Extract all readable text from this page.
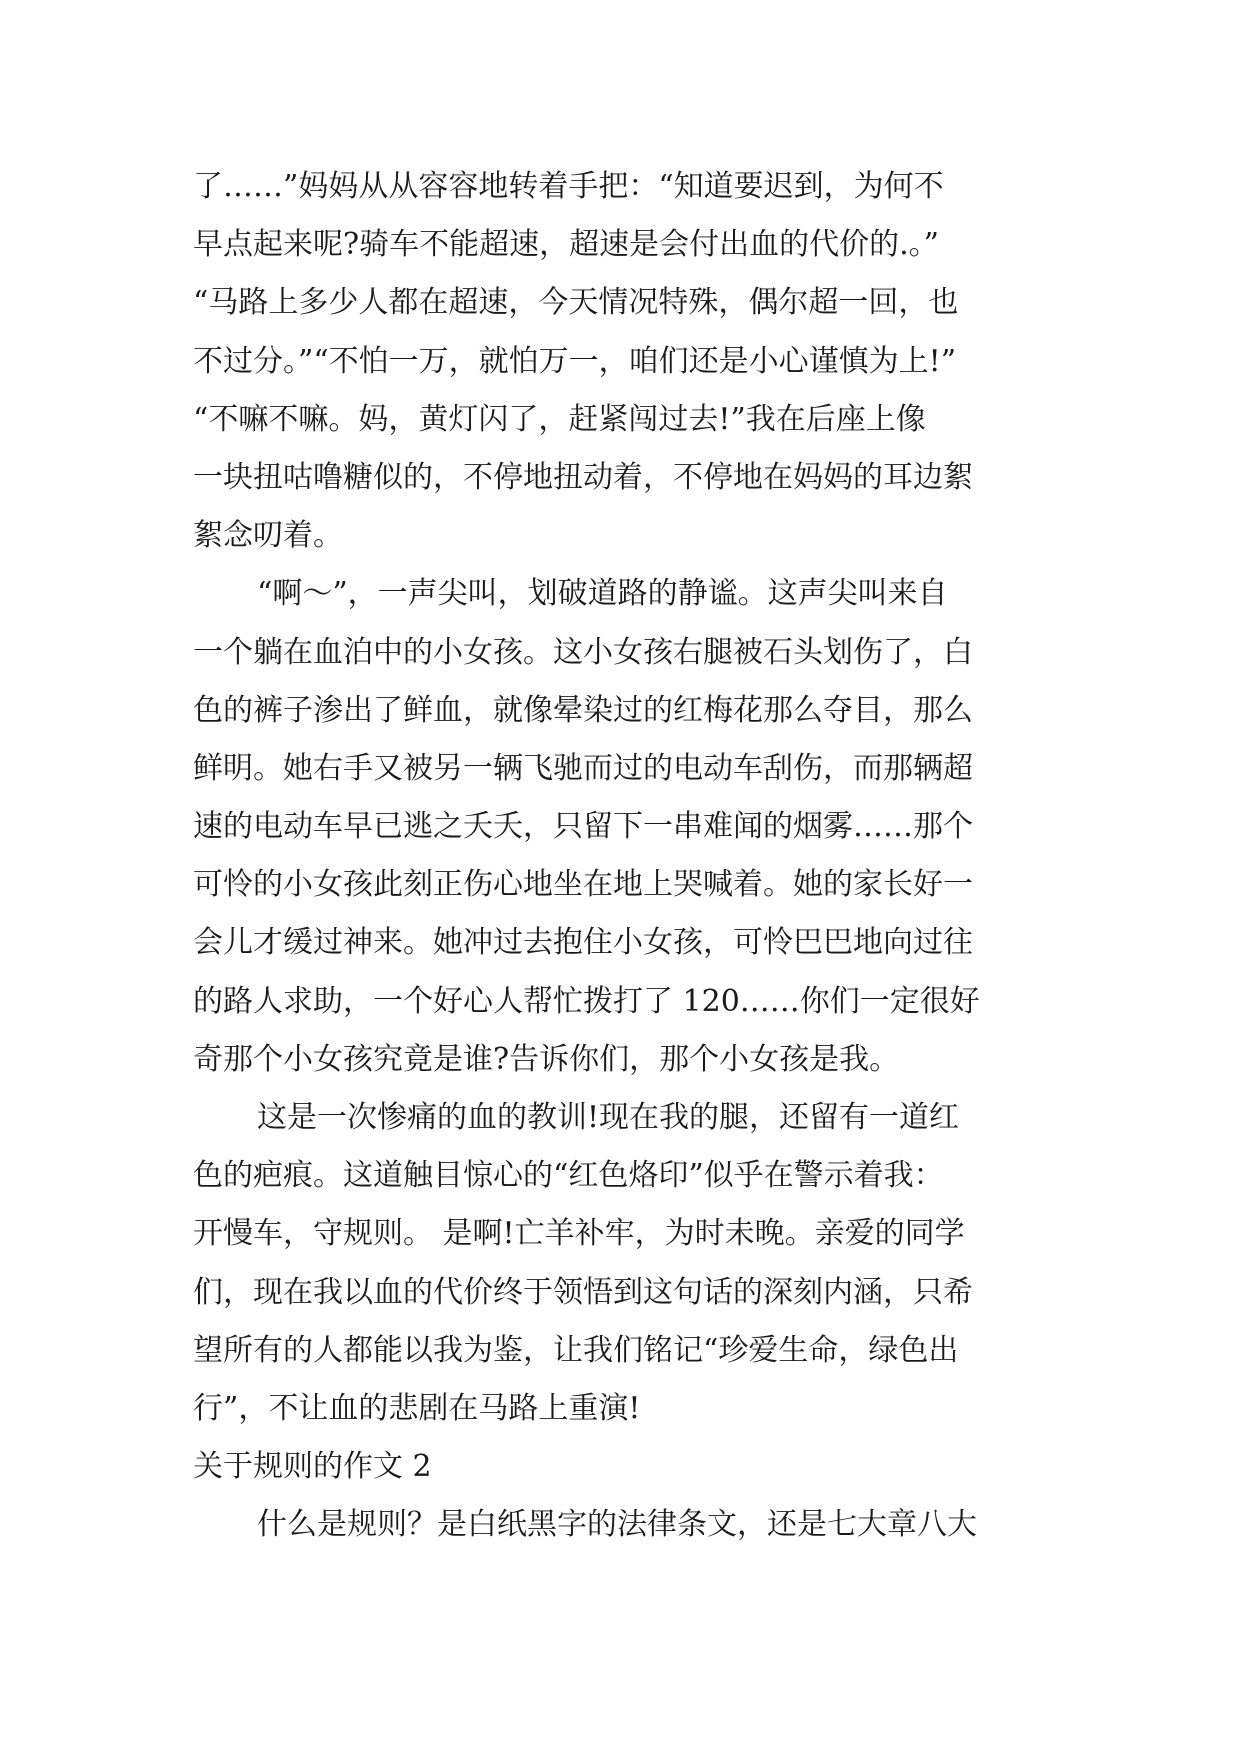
了……”妈妈从从容容地转着手把：“知道要迟到，为何不
早点起来呢?骑车不能超速，超速是会付出血的代价的.。”
“马路上多少人都在超速，今天情况特殊，偶尔超一回，也
不过分。”“不怕一万，就怕万一，咱们还是小心谨慎为上!”
“不嘛不嘛。妈，黄灯闪了，赶紧闯过去!”我在后座上像
一块扭咕噜糖似的，不停地扭动着，不停地在妈妈的耳边絮
絮念叨着。
“啊～”，一声尖叫，划破道路的静谧。这声尖叫来自
一个躺在血泊中的小女孩。这小女孩右腿被石头划伤了，白
色的裤子渗出了鲜血，就像晕染过的红梅花那么夺目，那么
鲜明。她右手又被另一辆飞驰而过的电动车刮伤，而那辆超
速的电动车早已逃之夭夭，只留下一串难闻的烟雾……那个
可怜的小女孩此刻正伤心地坐在地上哭喊着。她的家长好一
会儿才缓过神来。她冲过去抱住小女孩，可怜巴巴地向过往
的路人求助，一个好心人帮忙拨打了 120……你们一定很好
奇那个小女孩究竟是谁?告诉你们，那个小女孩是我。
这是一次惨痛的血的教训!现在我的腿，还留有一道红
色的疤痕。这道触目惊心的“红色烙印”似乎在警示着我：
开慢车，守规则。 是啊!亡羊补牢，为时未晚。亲爱的同学
们，现在我以血的代价终于领悟到这句话的深刻内涵，只希
望所有的人都能以我为鉴，让我们铭记“珍爱生命，绿色出
行”，不让血的悲剧在马路上重演!
关于规则的作文 2
什么是规则？是白纸黑字的法律条文，还是七大章八大
